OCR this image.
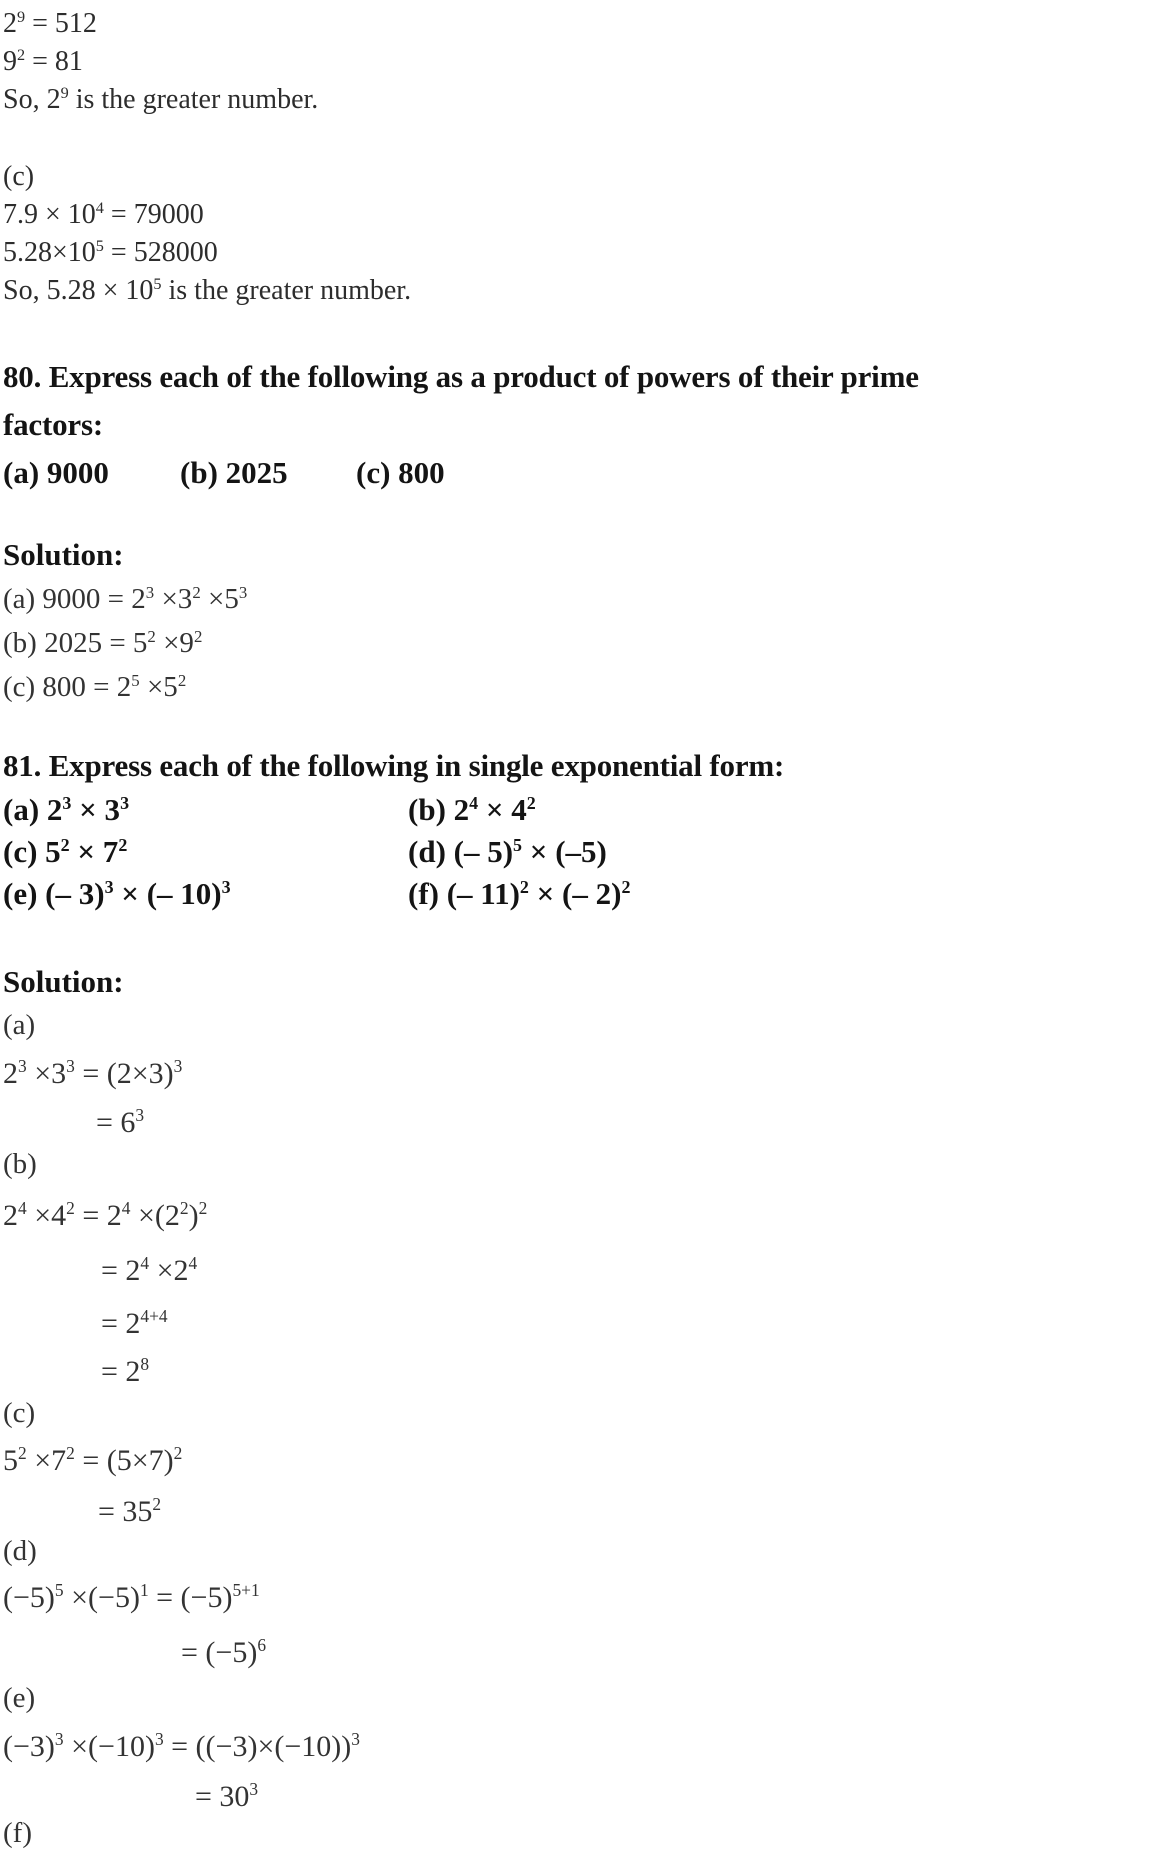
$2^9 = 512$
$9^2 = 81$
So, $2^9$ is the greater number.
(c)
$7.9 \times 10^4 = 79000$
$5.28\times 10^5 = 528000$
So, $5.28 \times 10^5$ is the greater number.
80. Express each of the following as a product of powers of their prime
factors:
(a) 9000	(b) 2025	(c) 800
Solution:
(a) $9000 = 2^3 \times 3^2 \times 5^3$
(b) $2025 = 5^2 \times 9^2$
(c) $800 = 2^5 \times 5^2$
81. Express each of the following in single exponential form:
(a) $2^3 \times 3^3$	(b) $2^4 \times 4^2$
(c) $5^2 \times 7^2$	(d) (– 5)$^5$ × (–5)
(e) (– 3)$^3$ × (– 10)$^3$	(f) (– 11)$^2$ × (– 2)$^2$
Solution:
(a)
$2^3 \times 3^3 = (2\times 3)^3$
= $6^3$
(b)
$2^4 \times 4^2 = 2^4 \times(2^2)^2$
= $2^4 \times 2^4$
= $2^{4+4}$
= $2^8$
(c)
$5^2 \times 7^2 = (5\times 7)^2$
= $35^2$
(d)
$(-5)^5 \times(-5)^1 = (-5)^{5+1}$
= $(-5)^6$
(e)
$(-3)^3 \times(-10)^3 = ((-3)\times(-10))^3$
= $30^3$
(f)
